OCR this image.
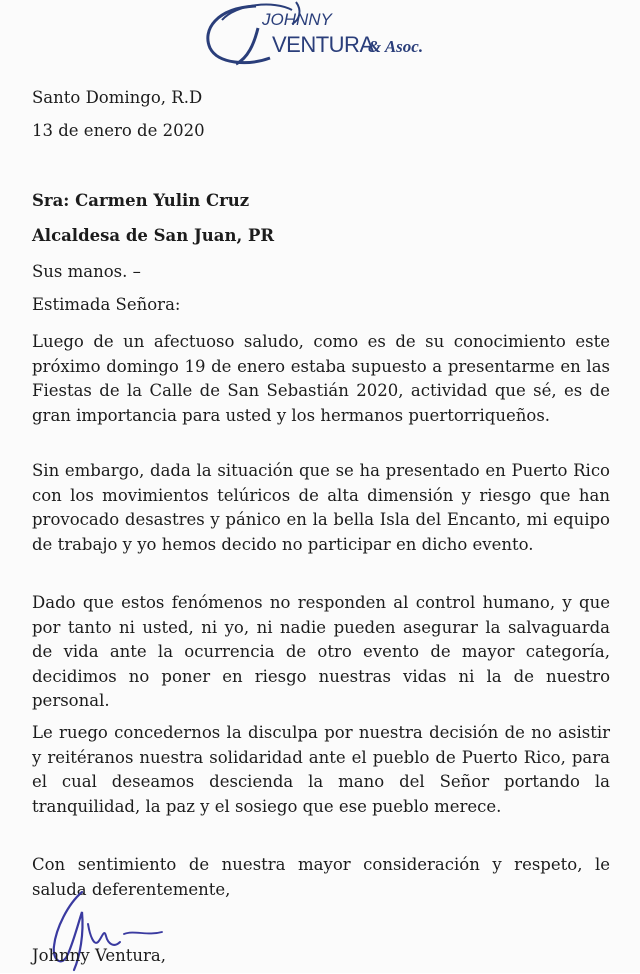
JOHNNY
VENTURA
& Asoc.

Santo Domingo, R.D

13 de enero de 2020

Sra: Carmen Yulin Cruz

Alcaldesa de San Juan, PR

Sus manos. –

Estimada Señora:

Luego de un afectuoso saludo, como es de su conocimiento este próximo domingo 19 de enero estaba supuesto a presentarme en las Fiestas de la Calle de San Sebastián 2020, actividad que sé, es de gran importancia para usted y los hermanos puertorriqueños.

Sin embargo, dada la situación que se ha presentado en Puerto Rico con los movimientos telúricos de alta dimensión y riesgo que han provocado desastres y pánico en la bella Isla del Encanto, mi equipo de trabajo y yo hemos decido no participar en dicho evento.

Dado que estos fenómenos no responden al control humano, y que por tanto ni usted, ni yo, ni nadie pueden asegurar la salvaguarda de vida ante la ocurrencia de otro evento de mayor categoría, decidimos no poner en riesgo nuestras vidas ni la de nuestro personal.

Le ruego concedernos la disculpa por nuestra decisión de no asistir y reitéranos nuestra solidaridad ante el pueblo de Puerto Rico, para el cual deseamos descienda la mano del Señor portando la tranquilidad, la paz y el sosiego que ese pueblo merece.

Con sentimiento de nuestra mayor consideración y respeto, le saluda deferentemente,

Johnny Ventura,
